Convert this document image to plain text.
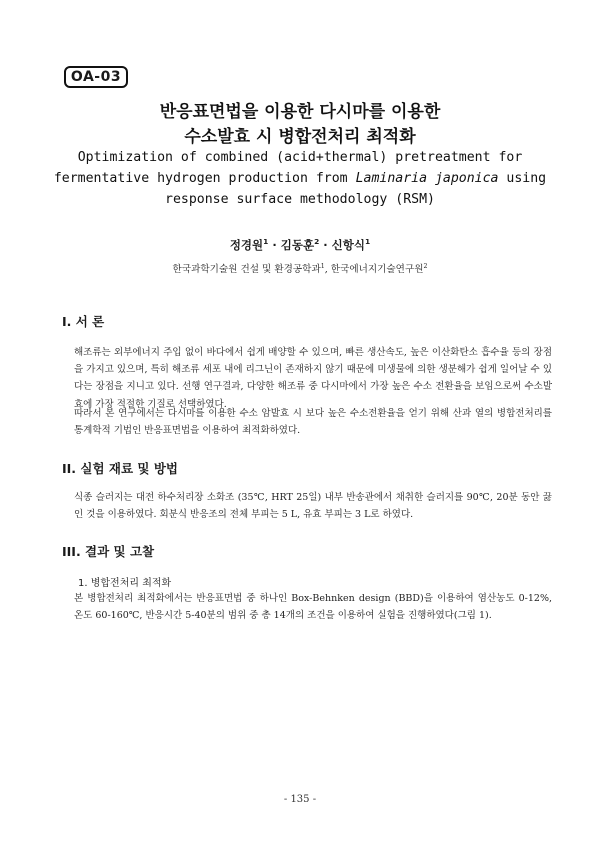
OA-03
반응표면법을 이용한 다시마를 이용한
수소발효 시 병합전처리 최적화
Optimization of combined (acid+thermal) pretreatment for
fermentative hydrogen production from Laminaria japonica using
response surface methodology (RSM)
정경원$^1$ · 김동훈$^2$ · 신항식$^1$
한국과학기술원 건설 및 환경공학과$^1$, 한국에너지기술연구원$^2$
I. 서 론

해조류는 외부에너지 주입 없이 바다에서 쉽게 배양할 수 있으며, 빠른 생산속도, 높은 이산화탄소 흡수율 등의 장점을 가지고 있으며, 특히 해조류 세포 내에 리그닌이 존재하지 않기 때문에 미생물에 의한 생분해가 쉽게 일어날 수 있다는 장점을 지니고 있다. 선행 연구결과, 다양한 해조류 중 다시마에서 가장 높은 수소 전환율을 보임으로써 수소발효에 가장 적절한 기질로 선택하였다.

따라서 본 연구에서는 다시마를 이용한 수소 암발효 시 보다 높은 수소전환율을 얻기 위해 산과 열의 병합전처리를 통계학적 기법인 반응표면법을 이용하여 최적화하였다.

II. 실험 재료 및 방법

식종 슬러지는 대전 하수처리장 소화조 (35℃, HRT 25일) 내부 반송관에서 채취한 슬러지를 90℃, 20분 동안 끓인 것을 이용하였다. 회분식 반응조의 전체 부피는 5 L, 유효 부피는 3 L로 하였다.

III. 결과 및 고찰
1. 병합전처리 최적화

본 병합전처리 최적화에서는 반응표면법 중 하나인 Box-Behnken design (BBD)을 이용하여 염산농도 0-12%, 온도 60-160℃, 반응시간 5-40분의 범위 중 총 14개의 조건을 이용하여 실험을 진행하였다(그림 1).

- 135 -
